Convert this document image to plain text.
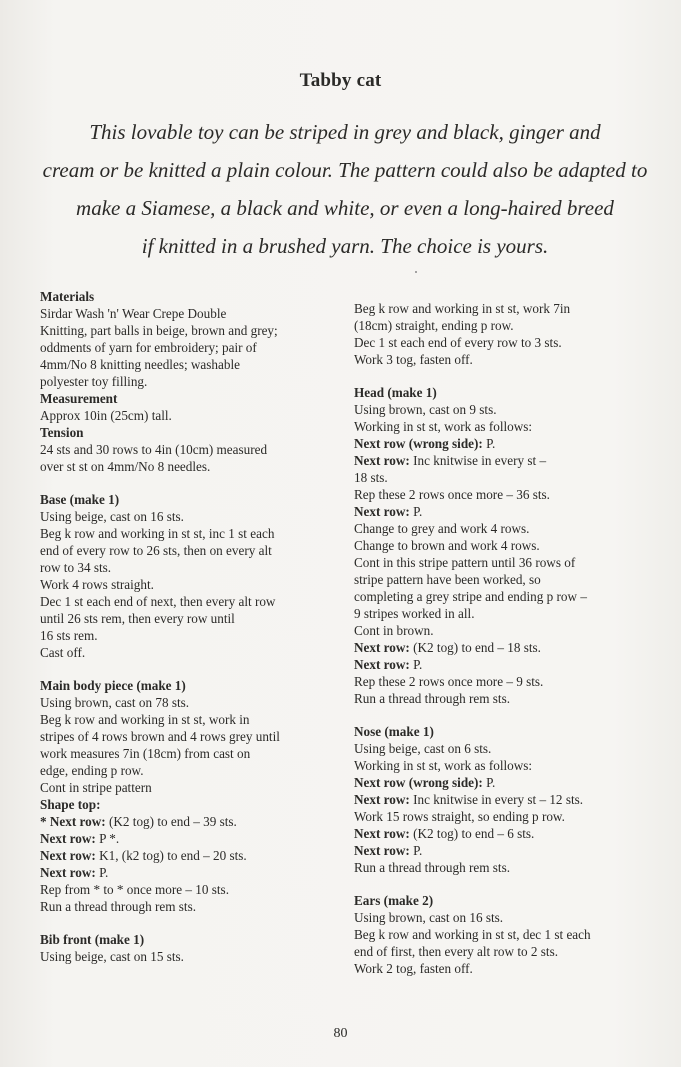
Tabby cat
This lovable toy can be striped in grey and black, ginger and
cream or be knitted a plain colour. The pattern could also be adapted to
make a Siamese, a black and white, or even a long-haired breed
if knitted in a brushed yarn. The choice is yours.
Materials
Sirdar Wash 'n' Wear Crepe Double
Knitting, part balls in beige, brown and grey;
oddments of yarn for embroidery; pair of
4mm/No 8 knitting needles; washable
polyester toy filling.
Measurement
Approx 10in (25cm) tall.
Tension
24 sts and 30 rows to 4in (10cm) measured
over st st on 4mm/No 8 needles.
Base (make 1)
Using beige, cast on 16 sts.
Beg k row and working in st st, inc 1 st each
end of every row to 26 sts, then on every alt
row to 34 sts.
Work 4 rows straight.
Dec 1 st each end of next, then every alt row
until 26 sts rem, then every row until
16 sts rem.
Cast off.
Main body piece (make 1)
Using brown, cast on 78 sts.
Beg k row and working in st st, work in
stripes of 4 rows brown and 4 rows grey until
work measures 7in (18cm) from cast on
edge, ending p row.
Cont in stripe pattern
Shape top:
* Next row: (K2 tog) to end – 39 sts.
Next row: P *.
Next row: K1, (k2 tog) to end – 20 sts.
Next row: P.
Rep from * to * once more – 10 sts.
Run a thread through rem sts.
Bib front (make 1)
Using beige, cast on 15 sts.
Beg k row and working in st st, work 7in
(18cm) straight, ending p row.
Dec 1 st each end of every row to 3 sts.
Work 3 tog, fasten off.
Head (make 1)
Using brown, cast on 9 sts.
Working in st st, work as follows:
Next row (wrong side): P.
Next row: Inc knitwise in every st –
18 sts.
Rep these 2 rows once more – 36 sts.
Next row: P.
Change to grey and work 4 rows.
Change to brown and work 4 rows.
Cont in this stripe pattern until 36 rows of
stripe pattern have been worked, so
completing a grey stripe and ending p row –
9 stripes worked in all.
Cont in brown.
Next row: (K2 tog) to end – 18 sts.
Next row: P.
Rep these 2 rows once more – 9 sts.
Run a thread through rem sts.
Nose (make 1)
Using beige, cast on 6 sts.
Working in st st, work as follows:
Next row (wrong side): P.
Next row: Inc knitwise in every st – 12 sts.
Work 15 rows straight, so ending p row.
Next row: (K2 tog) to end – 6 sts.
Next row: P.
Run a thread through rem sts.
Ears (make 2)
Using brown, cast on 16 sts.
Beg k row and working in st st, dec 1 st each
end of first, then every alt row to 2 sts.
Work 2 tog, fasten off.
80
